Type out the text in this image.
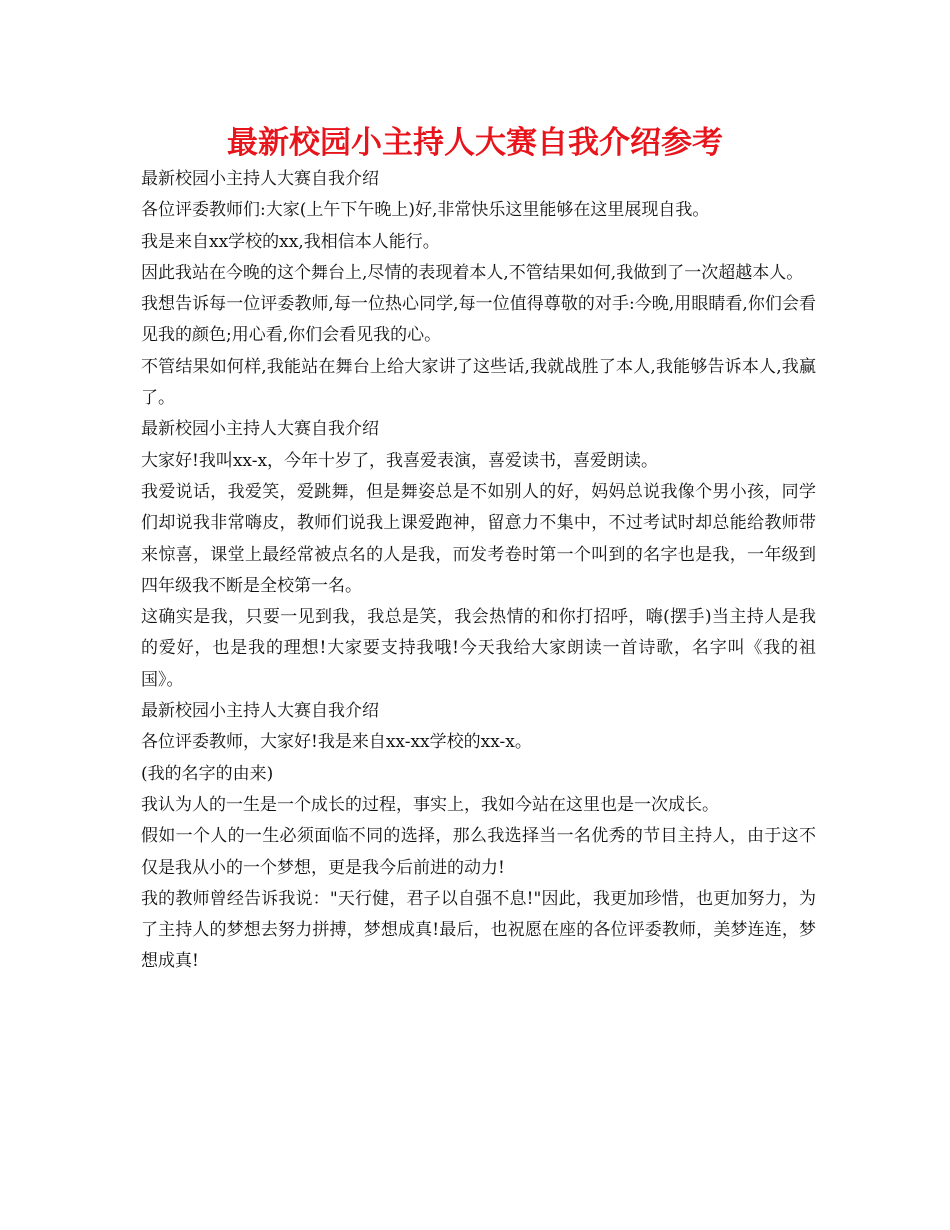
最新校园小主持人大赛自我介绍参考

最新校园小主持人大赛自我介绍

各位评委教师们:大家(上午下午晚上)好,非常快乐这里能够在这里展现自我。

我是来自xx学校的xx,我相信本人能行。

因此我站在今晚的这个舞台上,尽情的表现着本人,不管结果如何,我做到了一次超越本人。

我想告诉每一位评委教师,每一位热心同学,每一位值得尊敬的对手:今晚,用眼睛看,你们会看见我的颜色;用心看,你们会看见我的心。

不管结果如何样,我能站在舞台上给大家讲了这些话,我就战胜了本人,我能够告诉本人,我赢了。

最新校园小主持人大赛自我介绍

大家好!我叫xx-x，今年十岁了，我喜爱表演，喜爱读书，喜爱朗读。

我爱说话，我爱笑，爱跳舞，但是舞姿总是不如别人的好，妈妈总说我像个男小孩，同学们却说我非常嗨皮，教师们说我上课爱跑神，留意力不集中，不过考试时却总能给教师带来惊喜，课堂上最经常被点名的人是我，而发考卷时第一个叫到的名字也是我，一年级到四年级我不断是全校第一名。

这确实是我，只要一见到我，我总是笑，我会热情的和你打招呼，嗨(摆手)当主持人是我的爱好，也是我的理想!大家要支持我哦!今天我给大家朗读一首诗歌，名字叫《我的祖国》。

最新校园小主持人大赛自我介绍

各位评委教师，大家好!我是来自xx-xx学校的xx-x。

(我的名字的由来)

我认为人的一生是一个成长的过程，事实上，我如今站在这里也是一次成长。

假如一个人的一生必须面临不同的选择，那么我选择当一名优秀的节目主持人，由于这不仅是我从小的一个梦想，更是我今后前进的动力!

我的教师曾经告诉我说："天行健，君子以自强不息!"因此，我更加珍惜，也更加努力，为了主持人的梦想去努力拼搏，梦想成真!最后，也祝愿在座的各位评委教师，美梦连连，梦想成真!
